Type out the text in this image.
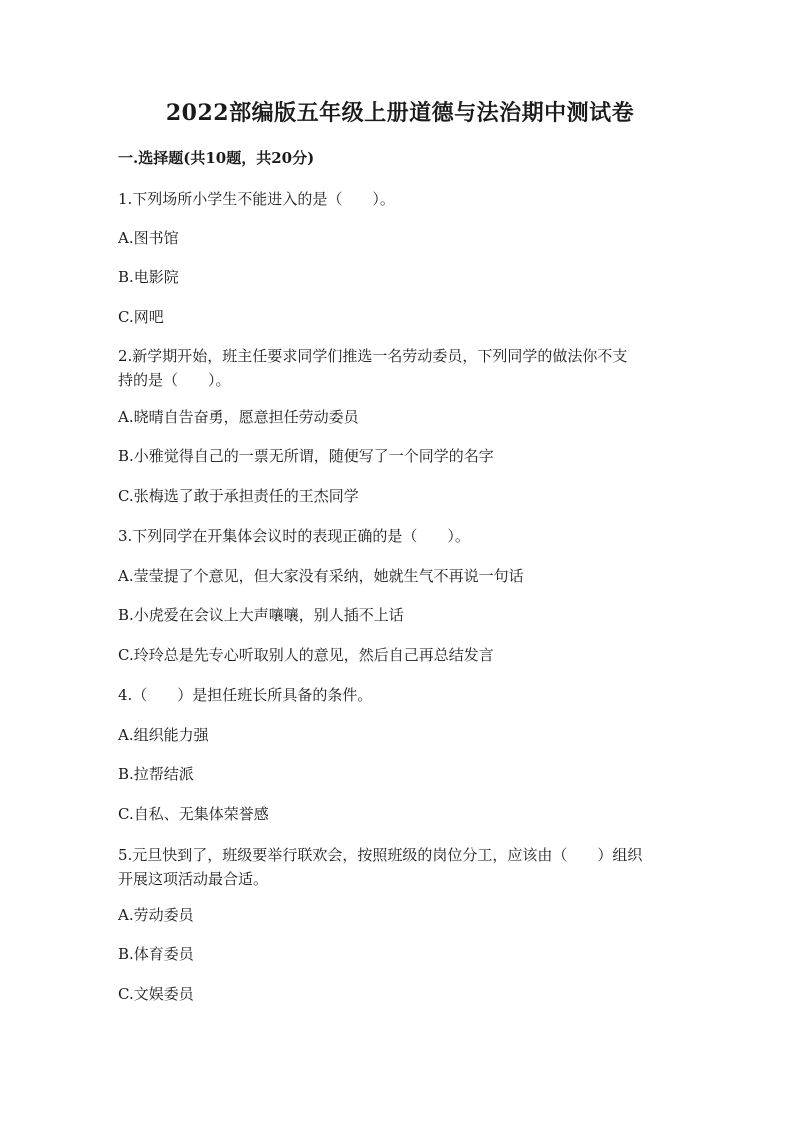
2022部编版五年级上册道德与法治期中测试卷
一.选择题(共10题，共20分)
1.下列场所小学生不能进入的是（　　）。
A.图书馆
B.电影院
C.网吧
2.新学期开始，班主任要求同学们推选一名劳动委员，下列同学的做法你不支
持的是（　　）。
A.晓晴自告奋勇，愿意担任劳动委员
B.小雅觉得自己的一票无所谓，随便写了一个同学的名字
C.张梅选了敢于承担责任的王杰同学
3.下列同学在开集体会议时的表现正确的是（　　）。
A.莹莹提了个意见，但大家没有采纳，她就生气不再说一句话
B.小虎爱在会议上大声嚷嚷，别人插不上话
C.玲玲总是先专心听取别人的意见，然后自己再总结发言
4.（　　）是担任班长所具备的条件。
A.组织能力强
B.拉帮结派
C.自私、无集体荣誉感
5.元旦快到了，班级要举行联欢会，按照班级的岗位分工，应该由（　　）组织
开展这项活动最合适。
A.劳动委员
B.体育委员
C.文娱委员
